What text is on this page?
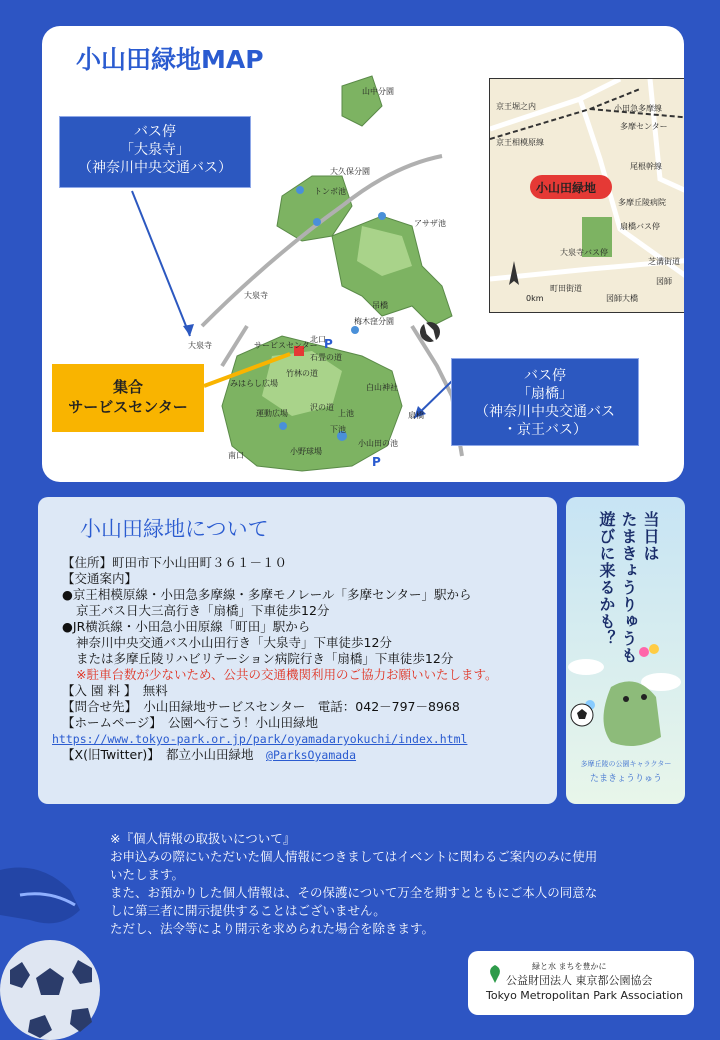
P
P
山中分園
大久保分園
トンボ池
アサザ池
大泉寺
大泉寺
吊橋
梅木窪分園
北口
サービスセンター
石畳の道
竹林の道
白山神社
みはらし広場
運動広場
小山田の池
上池
下池
南口	小野球場
扇橋
沢の道
小山田緑地MAP
小山田緑地
京王堀之内
京王相模原線
小田急多摩線
多摩センター
尾根幹線
多摩丘陵病院
扇橋バス停
大泉寺バス停
芝溝街道
町田街道
図師
図師大橋
0km
バス停
「大泉寺」
（神奈川中央交通バス）
バス停
「扇橋」
（神奈川中央交通バス
・京王バス）
集合
サービスセンター
小山田緑地について
【住所】町田市下小山田町３６１－１０
【交通案内】
●京王相模原線・小田急多摩線・多摩モノレール「多摩センター」駅から
京王バス日大三高行き「扇橋」下車徒歩12分
●JR横浜線・小田急小田原線「町田」駅から
神奈川中央交通バス小山田行き「大泉寺」下車徒歩12分
または多摩丘陵リハビリテーション病院行き「扇橋」下車徒歩12分
※駐車台数が少ないため、公共の交通機関利用のご協力お願いいたします。
【入 園 料 】　 無料
【問合せ先】　 小山田緑地サービスセンター　電話：042－797－8968
【ホームページ】　 公園へ行こう！小山田緑地
https://www.tokyo-park.or.jp/park/oyamadaryokuchi/index.html
【X(旧Twitter)】　 都立小山田緑地　 @ParksOyamada
当日は
たまきょうりゅうも
遊びに来るかも？
多摩丘陵の公園キャラクター
たまきょうりゅう
※『個人情報の取扱いについて』
お申込みの際にいただいた個人情報につきましてはイベントに関わるご案内のみに使用
いたします。
また、お預かりした個人情報は、その保護について万全を期すとともにご本人の同意な
しに第三者に開示提供することはございません。
ただし、法令等により開示を求められた場合を除きます。
緑と水 まちを豊かに
公益財団法人 東京都公園協会
Tokyo Metropolitan Park Association
